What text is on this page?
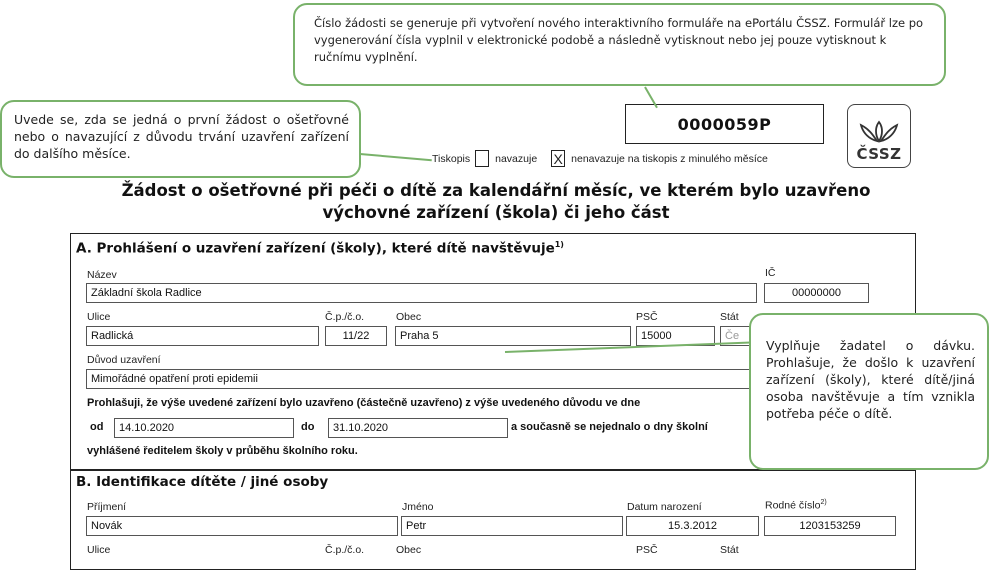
Číslo žádosti se generuje při vytvoření nového interaktivního formuláře na ePortálu ČSSZ. Formulář lze po vygenerování čísla vyplnil v elektronické podobě a následně vytisknout nebo jej pouze vytisknout k ručnímu vyplnění.
Uvede se, zda se jedná o první žádost o ošetřovné nebo o navazující z důvodu trvání uzavření zařízení do dalšího měsíce.
Vyplňuje žadatel o dávku. Prohlašuje, že došlo k uzavření zařízení (školy), které dítě/jiná osoba navštěvuje a tím vznikla potřeba péče o dítě.
0000059P
ČSSZ
Tiskopis navazuje X nenavazuje na tiskopis z minulého měsíce
Žádost o ošetřovné při péči o dítě za kalendářní měsíc, ve kterém bylo uzavřeno
výchovné zařízení (škola) či jeho část
A. Prohlášení o uzavření zařízení (školy), které dítě navštěvuje$^{1)}$
Název
Základní škola Radlice
IČ
00000000
Ulice
Radlická
Č.p./č.o.
11/22
Obec
Praha 5
PSČ
15000
Stát
Če
Důvod uzavření
Mimořádné opatření proti epidemii
Prohlašuji, že výše uvedené zařízení bylo uzavřeno (částečně uzavřeno) z výše uvedeného důvodu ve dne
od	14.10.2020	do	31.10.2020	a současně se nejednalo o dny školní
vyhlášené ředitelem školy v průběhu školního roku.
B. Identifikace dítěte / jiné osoby
Příjmení
Novák
Jméno
Petr
Datum narození
15.3.2012
Rodné číslo$^{2)}$
1203153259
Ulice	Č.p./č.o.	Obec	PSČ	Stát
